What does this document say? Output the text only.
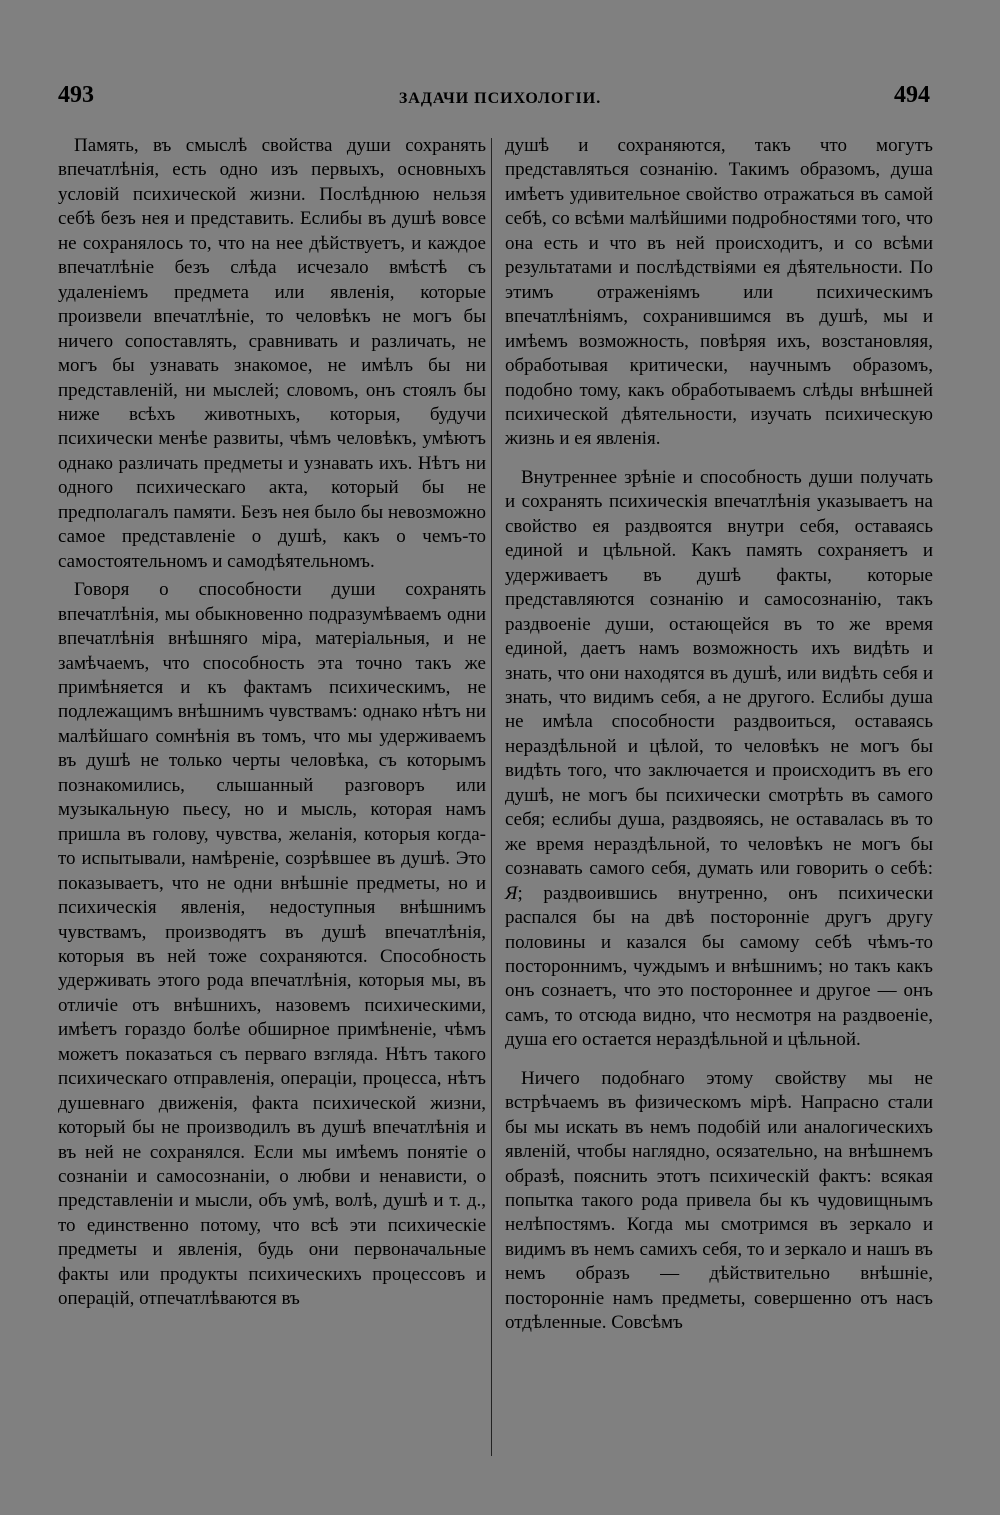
493	ЗАДАЧИ ПСИХОЛОГIИ.	494

Память, въ смыслѣ свойства души сохранять впечатлѣнія, есть одно изъ первыхъ, основныхъ условій психической жизни. Послѣднюю нельзя себѣ безъ нея и представить. Еслибы въ душѣ вовсе не сохранялось то, что на нее дѣйствуетъ, и каждое впечатлѣніе безъ слѣда исчезало вмѣстѣ съ удаленіемъ предмета или явленія, которые произвели впечатлѣніе, то человѣкъ не могъ бы ничего сопоставлять, сравнивать и различать, не могъ бы узнавать знакомое, не имѣлъ бы ни представленій, ни мыслей; словомъ, онъ стоялъ бы ниже всѣхъ животныхъ, которыя, будучи психически менѣе развиты, чѣмъ человѣкъ, умѣютъ однако различать предметы и узнавать ихъ. Нѣтъ ни одного психическаго акта, который бы не предполагалъ памяти. Безъ нея было бы невозможно самое представленіе о душѣ, какъ о чемъ-то самостоятельномъ и самодѣятельномъ.

Говоря о способности души сохранять впечатлѣнія, мы обыкновенно подразумѣваемъ одни впечатлѣнія внѣшняго міра, матеріальныя, и не замѣчаемъ, что способность эта точно такъ же примѣняется и къ фактамъ психическимъ, не подлежащимъ внѣшнимъ чувствамъ: однако нѣтъ ни малѣйшаго сомнѣнія въ томъ, что мы удерживаемъ въ душѣ не только черты человѣка, съ которымъ познакомились, слышанный разговоръ или музыкальную пьесу, но и мысль, которая намъ пришла въ голову, чувства, желанія, которыя когда-то испытывали, намѣреніе, созрѣвшее въ душѣ. Это показываетъ, что не одни внѣшніе предметы, но и психическія явленія, недоступныя внѣшнимъ чувствамъ, производятъ въ душѣ впечатлѣнія, которыя въ ней тоже сохраняются. Способность удерживать этого рода впечатлѣнія, которыя мы, въ отличіе отъ внѣшнихъ, назовемъ психическими, имѣетъ гораздо болѣе обширное примѣненіе, чѣмъ можетъ показаться съ перваго взгляда. Нѣтъ такого психическаго отправленія, операціи, процесса, нѣтъ душевнаго движенія, факта психической жизни, который бы не производилъ въ душѣ впечатлѣнія и въ ней не сохранялся. Если мы имѣемъ понятіе о сознаніи и самосознаніи, о любви и ненависти, о представленіи и мысли, объ умѣ, волѣ, душѣ и т. д., то единственно потому, что всѣ эти психическіе предметы и явленія, будь они первоначальные факты или продукты психическихъ процессовъ и операцій, отпечатлѣваются въ

душѣ и сохраняются, такъ что могутъ представляться сознанію. Такимъ образомъ, душа имѣетъ удивительное свойство отражаться въ самой себѣ, со всѣми малѣйшими подробностями того, что она есть и что въ ней происходитъ, и со всѣми результатами и послѣдствіями ея дѣятельности. По этимъ отраженіямъ или психическимъ впечатлѣніямъ, сохранившимся въ душѣ, мы и имѣемъ возможность, повѣряя ихъ, возстановляя, обработывая критически, научнымъ образомъ, подобно тому, какъ обработываемъ слѣды внѣшней психической дѣятельности, изучать психическую жизнь и ея явленія.

Внутреннее зрѣніе и способность души получать и сохранять психическія впечатлѣнія указываетъ на свойство ея раздвоятся внутри себя, оставаясь единой и цѣльной. Какъ память сохраняетъ и удерживаетъ въ душѣ факты, которые представляются сознанію и самосознанію, такъ раздвоеніе души, остающейся въ то же время единой, даетъ намъ возможность ихъ видѣть и знать, что они находятся въ душѣ, или видѣть себя и знать, что видимъ себя, а не другого. Еслибы душа не имѣла способности раздвоиться, оставаясь нераздѣльной и цѣлой, то человѣкъ не могъ бы видѣть того, что заключается и происходитъ въ его душѣ, не могъ бы психически смотрѣть въ самого себя; еслибы душа, раздвояясь, не оставалась въ то же время нераздѣльной, то человѣкъ не могъ бы сознавать самого себя, думать или говорить о себѣ: Я; раздвоившись внутренно, онъ психически распался бы на двѣ посторонніе другъ другу половины и казался бы самому себѣ чѣмъ-то постороннимъ, чуждымъ и внѣшнимъ; но такъ какъ онъ сознаетъ, что это постороннее и другое — онъ самъ, то отсюда видно, что несмотря на раздвоеніе, душа его остается нераздѣльной и цѣльной.

Ничего подобнаго этому свойству мы не встрѣчаемъ въ физическомъ мірѣ. Напрасно стали бы мы искать въ немъ подобій или аналогическихъ явленій, чтобы наглядно, осязательно, на внѣшнемъ образѣ, пояснить этотъ психическій фактъ: всякая попытка такого рода привела бы къ чудовищнымъ нелѣпостямъ. Когда мы смотримся въ зеркало и видимъ въ немъ самихъ себя, то и зеркало и нашъ въ немъ образъ — дѣйствительно внѣшніе, посторонніе намъ предметы, совершенно отъ насъ отдѣленные. Совсѣмъ
